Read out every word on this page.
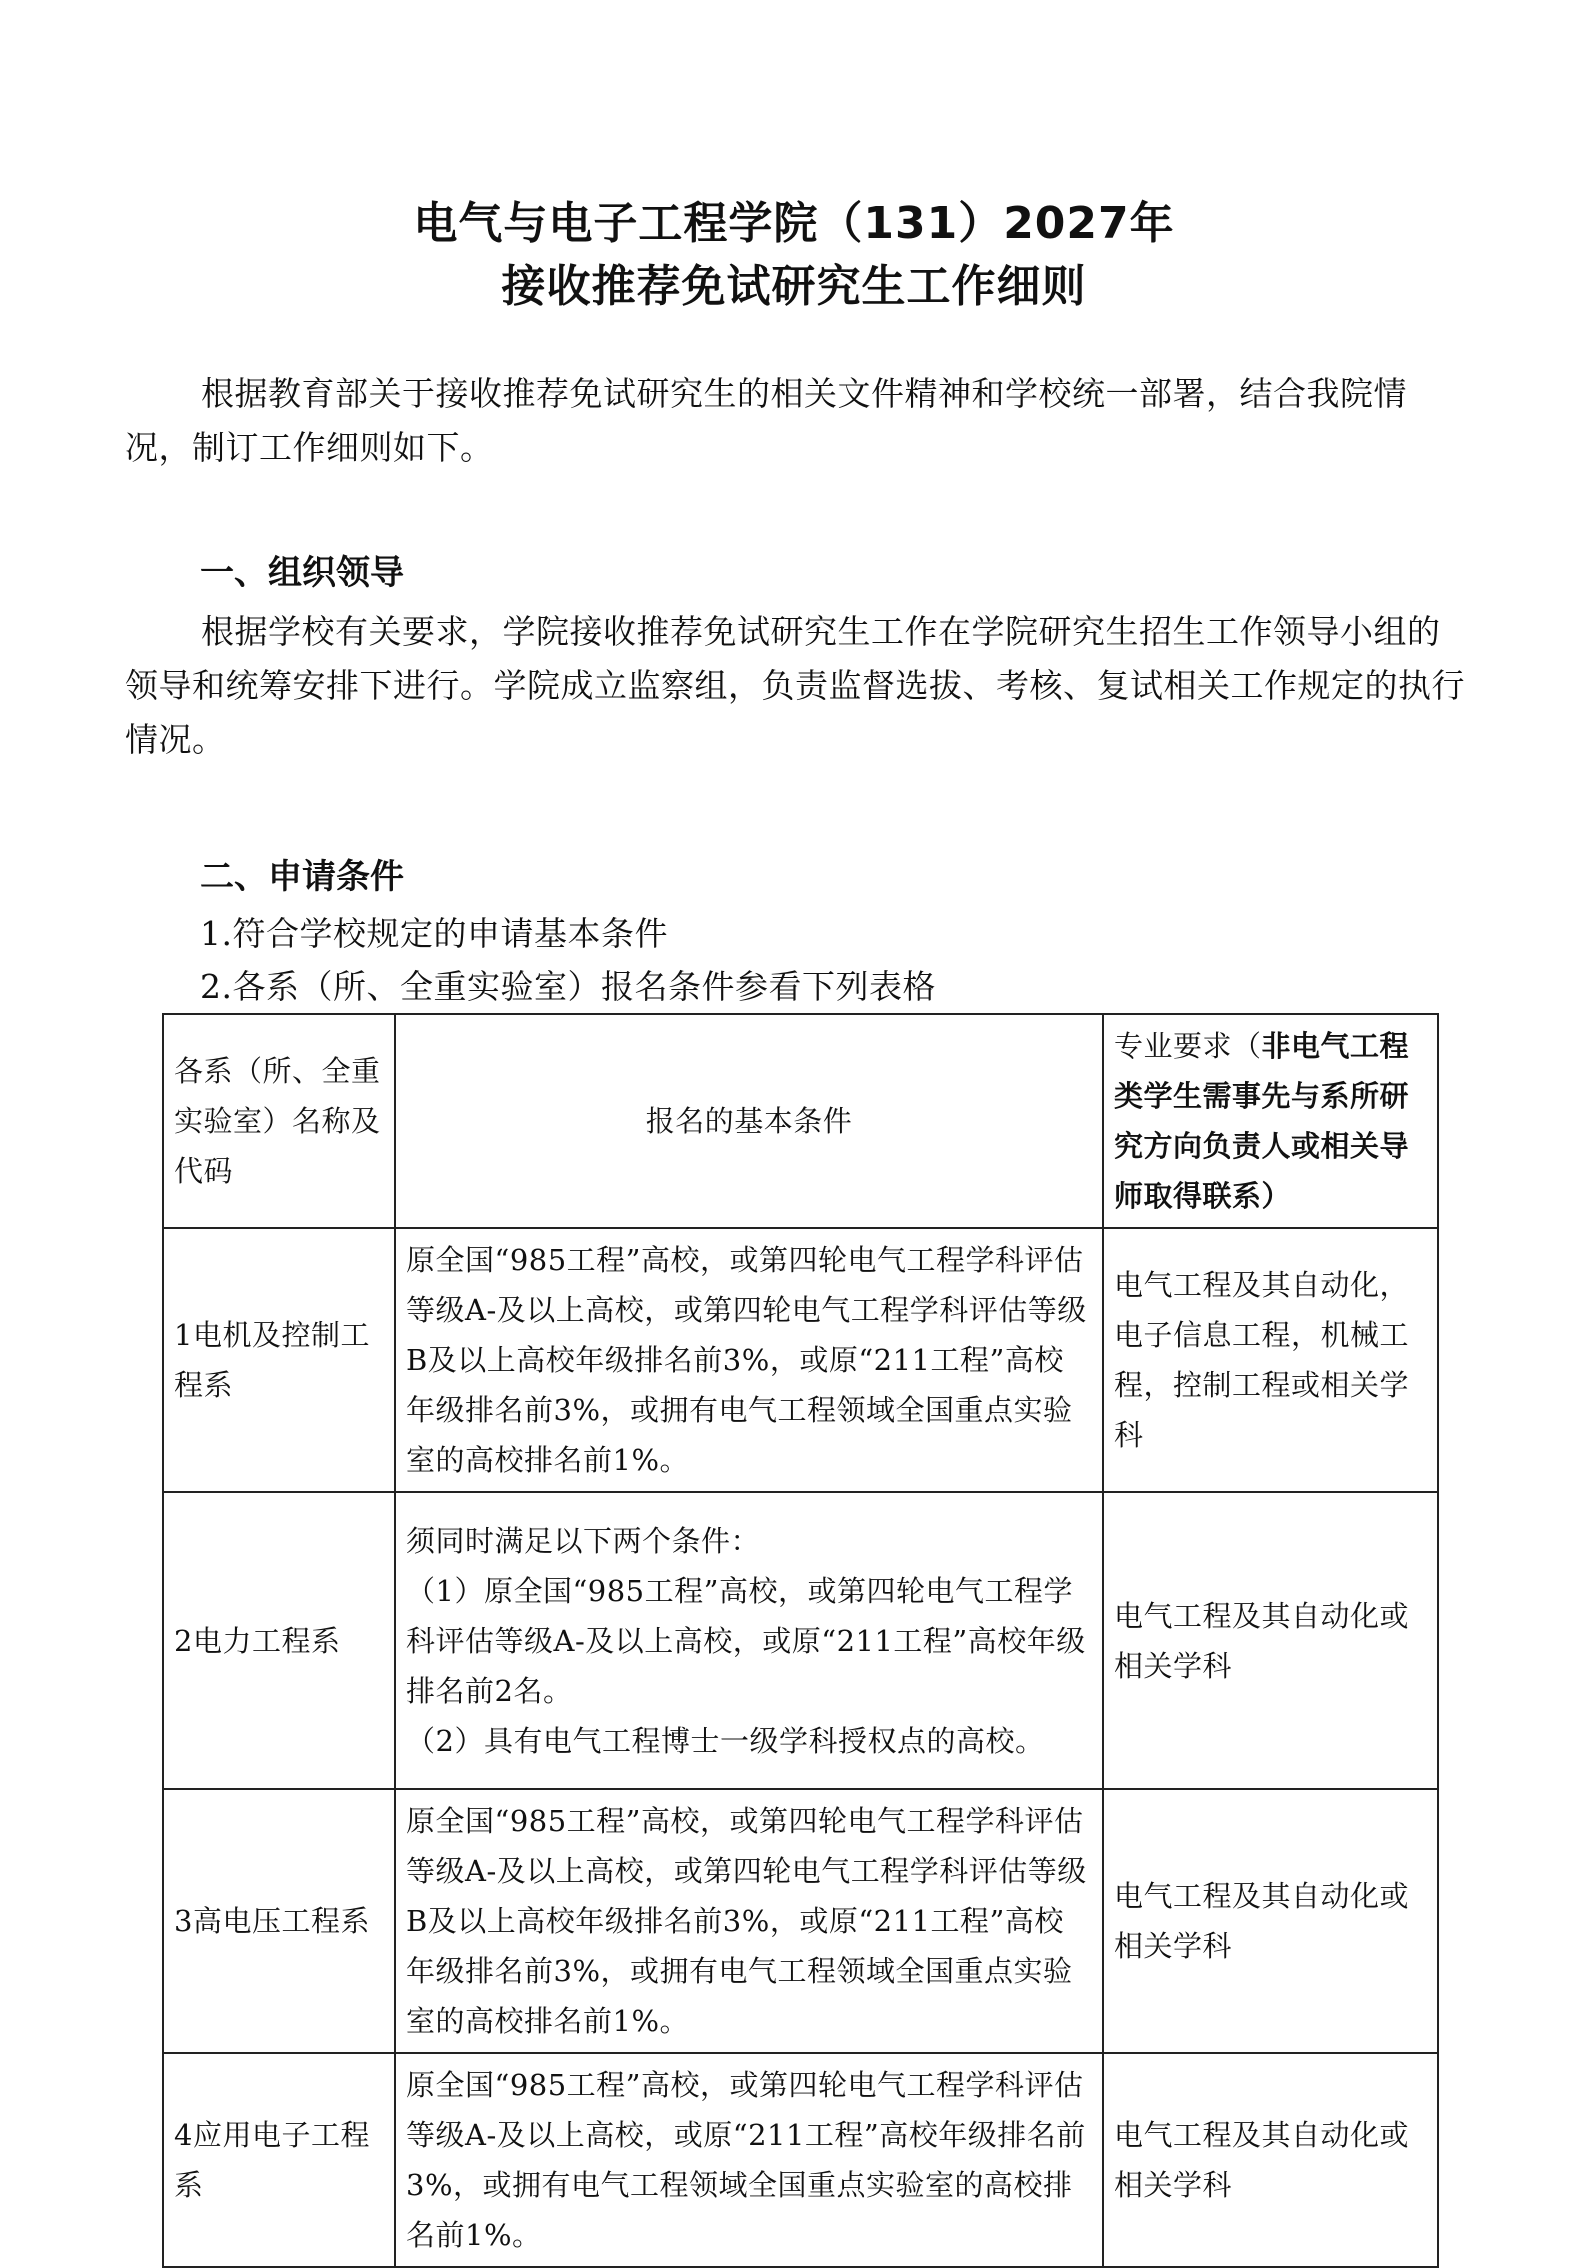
电气与电子工程学院（131）2027年
接收推荐免试研究生工作细则
根据教育部关于接收推荐免试研究生的相关文件精神和学校统一部署，结合我院情况，制订工作细则如下。
一、组织领导
根据学校有关要求，学院接收推荐免试研究生工作在学院研究生招生工作领导小组的领导和统筹安排下进行。学院成立监察组，负责监督选拔、考核、复试相关工作规定的执行情况。
二、申请条件
1.符合学校规定的申请基本条件
2.各系（所、全重实验室）报名条件参看下列表格
各系（所、全重实验室）名称及代码	报名的基本条件	专业要求（非电气工程类学生需事先与系所研究方向负责人或相关导师取得联系）
1电机及控制工程系	原全国“985工程”高校，或第四轮电气工程学科评估等级A-及以上高校，或第四轮电气工程学科评估等级B及以上高校年级排名前3%，或原“211工程”高校年级排名前3%，或拥有电气工程领域全国重点实验室的高校排名前1%。	电气工程及其自动化，电子信息工程，机械工程，控制工程或相关学科
2电力工程系	须同时满足以下两个条件：
（1）原全国“985工程”高校，或第四轮电气工程学科评估等级A-及以上高校，或原“211工程”高校年级排名前2名。
（2）具有电气工程博士一级学科授权点的高校。	电气工程及其自动化或相关学科
3高电压工程系	原全国“985工程”高校，或第四轮电气工程学科评估等级A-及以上高校，或第四轮电气工程学科评估等级B及以上高校年级排名前3%，或原“211工程”高校年级排名前3%，或拥有电气工程领域全国重点实验室的高校排名前1%。	电气工程及其自动化或相关学科
4应用电子工程系	原全国“985工程”高校，或第四轮电气工程学科评估等级A-及以上高校，或原“211工程”高校年级排名前3%，或拥有电气工程领域全国重点实验室的高校排名前1%。	电气工程及其自动化或相关学科
